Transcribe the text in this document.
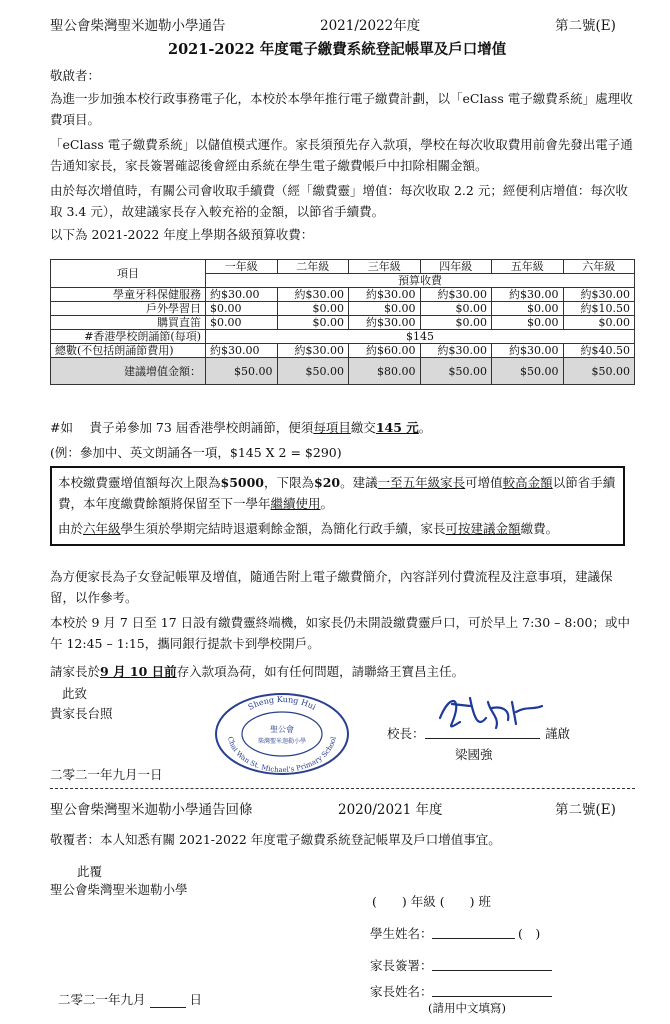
聖公會柴灣聖米迦勒小學通告	2021/2022年度	第二號(E)
2021-2022 年度電子繳費系統登記帳單及戶口增值
敬啟者：
為進一步加強本校行政事務電子化，本校於本學年推行電子繳費計劃，以「eClass 電子繳費系統」處理收費項目。
「eClass 電子繳費系統」以儲值模式運作。家長須預先存入款項，學校在每次收取費用前會先發出電子通告通知家長，家長簽署確認後會經由系統在學生電子繳費帳戶中扣除相關金額。
由於每次增值時，有關公司會收取手續費（經「繳費靈」增值：每次收取 2.2 元；經便利店增值：每次收取 3.4 元），故建議家長存入較充裕的金額，以節省手續費。
以下為 2021-2022 年度上學期各級預算收費：
項目	一年級	二年級	三年級	四年級	五年級	六年級
	預算收費					
學童牙科保健服務	約$30.00	約$30.00	約$30.00	約$30.00	約$30.00	約$30.00
戶外學習日	$0.00	$0.00	$0.00	$0.00	$0.00	約$10.50
購買直笛	$0.00	$0.00	約$30.00	$0.00	$0.00	$0.00
#香港學校朗誦節(每項)	$145					
總數(不包括朗誦節費用)	約$30.00	約$30.00	約$60.00	約$30.00	約$30.00	約$40.50
建議增值金額：	$50.00	$50.00	$80.00	$50.00	$50.00	$50.00
#如　 貴子弟參加 73 屆香港學校朗誦節，便須每項目繳交145 元。
(例：參加中、英文朗誦各一項，$145 X 2 = $290)
本校繳費靈增值額每次上限為$5000，下限為$20。建議一至五年級家長可增值較高金額以節省手續
費，本年度繳費餘額將保留至下一學年繼續使用。
由於六年級學生須於學期完結時退還剩餘金額，為簡化行政手續，家長可按建議金額繳費。
為方便家長為子女登記帳單及增值，隨通告附上電子繳費簡介，內容詳列付費流程及注意事項，建議保留，以作參考。
本校於 9 月 7 日至 17 日設有繳費靈終端機，如家長仍未開設繳費靈戶口，可於早上 7:30 – 8:00；或中午 12:45 – 1:15，攜同銀行提款卡到學校開戶。
請家長於9 月 10 日前存入款項為荷，如有任何問題，請聯絡王寶昌主任。
此致
貴家長台照	Sheng Kung Hui
Chai Wan St. Michael's Primary School
聖公會
柴灣聖米迦勒小學
校長：	謹啟
梁國強
二零二一年九月一日
聖公會柴灣聖米迦勒小學通告回條	2020/2021 年度	第二號(E)
敬覆者：本人知悉有關 2021-2022 年度電子繳費系統登記帳單及戶口增值事宜。
此覆
聖公會柴灣聖米迦勒小學
(　　) 年級 (　　) 班
學生姓名：	(　)
家長簽署：
家長姓名：
(請用中文填寫)
二零二一年九月	日
